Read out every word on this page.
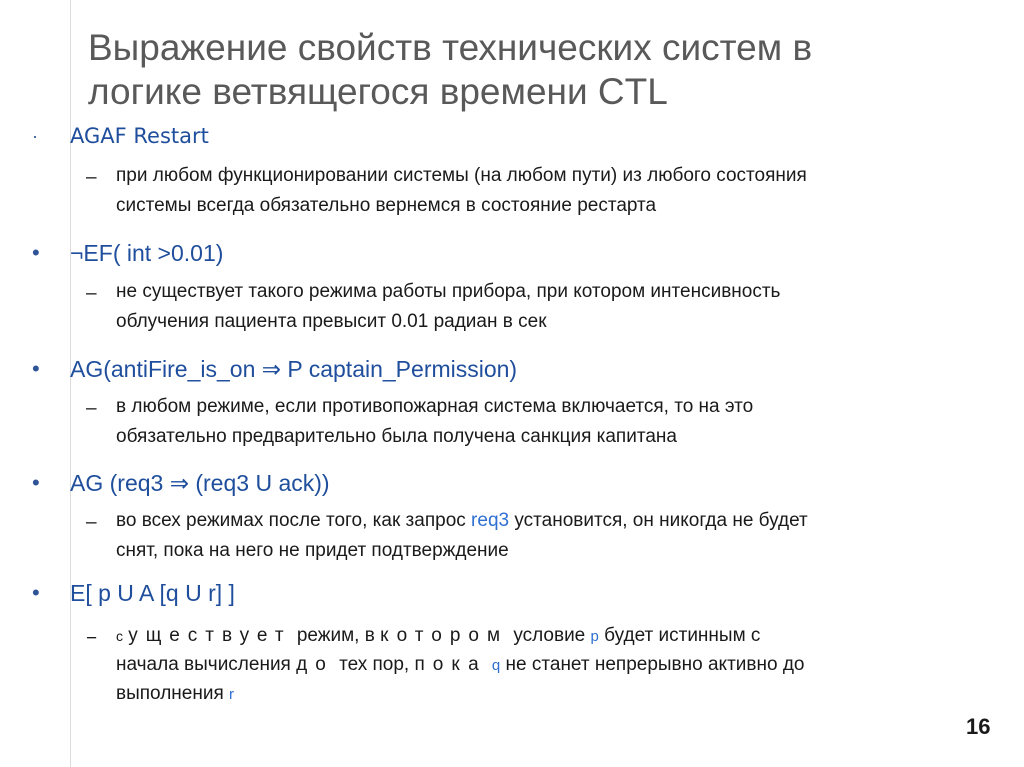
Выражение свойств технических систем в
логике ветвящегося времени CTL
· AGAF Restart
– при любом функционировании системы (на любом пути) из любого состояния
системы всегда обязательно вернемся в состояние рестарта
• ¬EF( int >0.01)
– не существует такого режима работы прибора, при котором интенсивность
облучения пациента превысит 0.01 радиан в сек
• AG(antiFire_is_on ⇒ P captain_Permission)
– в любом режиме, если противопожарная система включается, то на это
обязательно предварительно была получена санкция капитана
• AG (req3 ⇒ (req3 U ack))
– во всех режимах после того, как запрос req3 установится, он никогда не будет
снят, пока на него не придет подтверждение
• E[ p U A [q U r] ]
− с уществует режим, в котором условие p будет истинным с
начала вычисления до тех пор, пока q не станет непрерывно активно до
выполнения r
16
